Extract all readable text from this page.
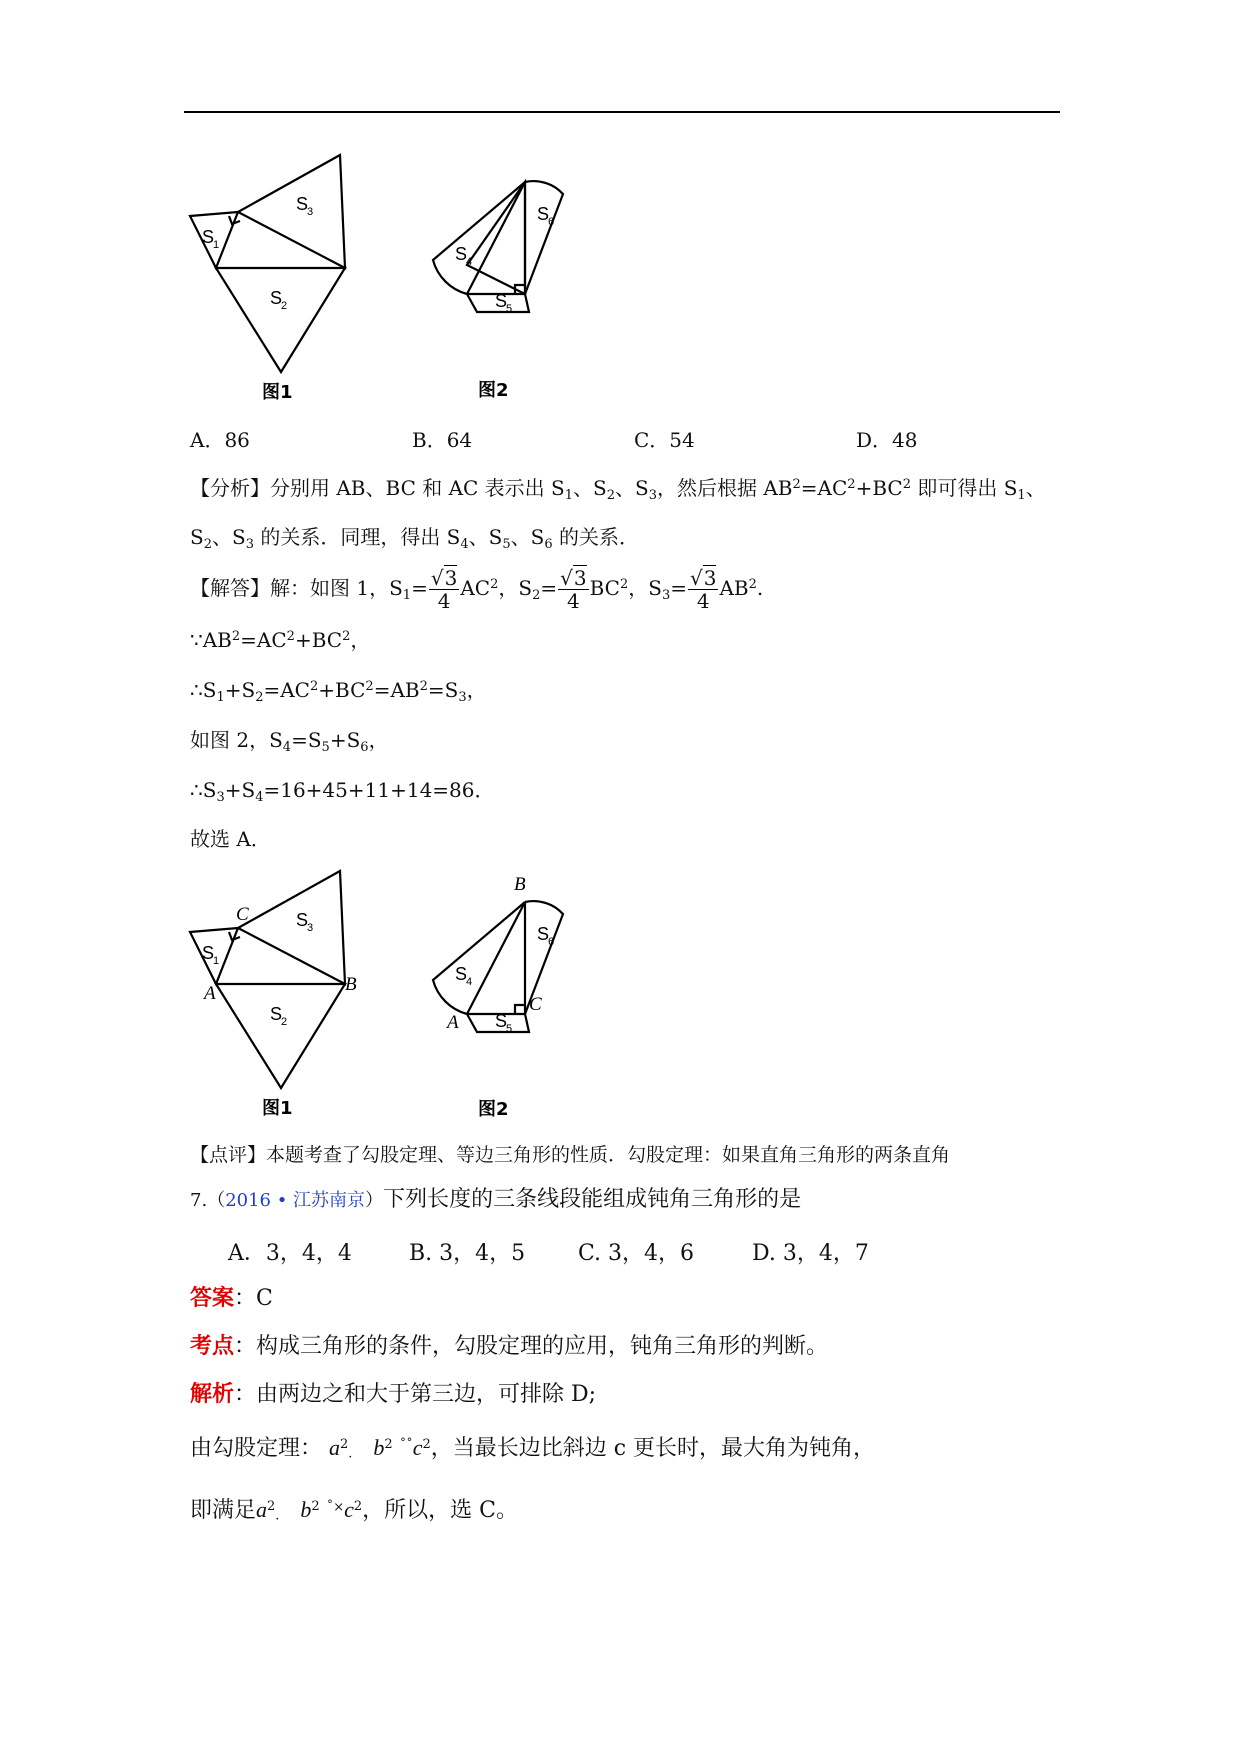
S
1
S
3
S
2
图1
S
6
S
4
S
5
图2
A．86	B．64	C．54	D．48
【分析】分别用 AB、BC 和 AC 表示出 $S_1$、$S_2$、$S_3$，然后根据 $AB^2=AC^2+BC^2$ 即可得出 $S_1$、
$S_2$、$S_3$ 的关系．同理，得出 $S_4$、$S_5$、$S_6$ 的关系．
【解答】解：如图 1，$S_1= \frac{√3}{4} AC^2$，$S_2= \frac{√3}{4} BC^2$，$S_3= \frac{√3}{4} AB^2$.
$\because AB^2=AC^2+BC^2$，
$\therefore S_1+S_2=AC^2+BC^2=AB^2=S_3$，
如图 2，$S_4=S_5+S_6$，
$\therefore S_3+S_4=16+45+11+14=86$．
故选 A．
S
1
S
3
S
2
C
A	B
图1
S
6
S
4
S
5
B
A
C
图2
【点评】本题考查了勾股定理、等边三角形的性质．勾股定理：如果直角三角形的两条直角
7.（2016 • 江苏南京）下列长度的三条线段能组成钝角三角形的是
A．3，4，4	B. 3，4，5 C. 3，4，6	D. 3，4，7
答案：C
考点：构成三角形的条件，勾股定理的应用，钝角三角形的判断。
解析：由两边之和大于第三边，可排除 D;
由勾股定理： $a^2_\cdot$ $b^2$ $^{˚˚}c^2$，当最长边比斜边 c 更长时，最大角为钝角，
即满足$a^2_\cdot$ $b^2$ $^{˚\times}c^2$，所以，选 C。
